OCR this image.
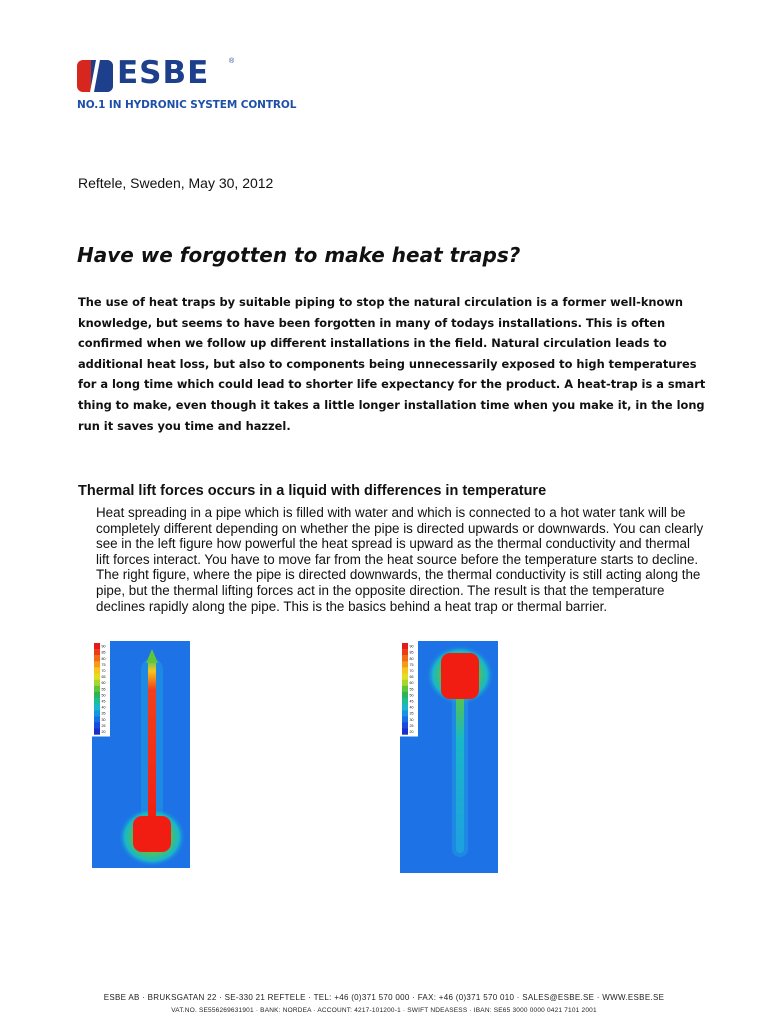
ESBE	®
NO.1 IN HYDRONIC SYSTEM CONTROL
Reftele, Sweden, May 30, 2012
Have we forgotten to make heat traps?

The use of heat traps by suitable piping to stop the natural circulation is a former well-known knowledge, but seems to have been forgotten in many of todays installations. This is often confirmed when we follow up different installations in the field. Natural circulation leads to additional heat loss, but also to components being unnecessarily exposed to high temperatures for a long time which could lead to shorter life expectancy for the product. A heat-trap is a smart thing to make, even though it takes a little longer installation time when you make it, in the long run it saves you time and hazzel.

Thermal lift forces occurs in a liquid with differences in temperature

Heat spreading in a pipe which is filled with water and which is connected to a hot water tank will be completely different depending on whether the pipe is directed upwards or downwards. You can clearly see in the left figure how powerful the heat spread is upward as the thermal conductivity and thermal lift forces interact. You have to move far from the heat source before the temperature starts to decline. The right figure, where the pipe is directed downwards, the thermal conductivity is still acting along the pipe, but the thermal lifting forces act in the opposite direction. The result is that the temperature declines rapidly along the pipe. This is the basics behind a heat trap or thermal barrier.

90
85
80
75
70
65
60
55
50
45
40
35
30
25
20
90
85
80
75
70
65
60
55
50
45
40
35
30
25
20
ESBE AB · BRUKSGATAN 22 · SE-330 21 REFTELE · TEL: +46 (0)371 570 000 · FAX: +46 (0)371 570 010 · SALES@ESBE.SE · WWW.ESBE.SE
VAT.NO. SE556269631901 · BANK: NORDEA · ACCOUNT: 4217-101200-1 · SWIFT NDEASESS · IBAN: SE65 3000 0000 0421 7101 2001
